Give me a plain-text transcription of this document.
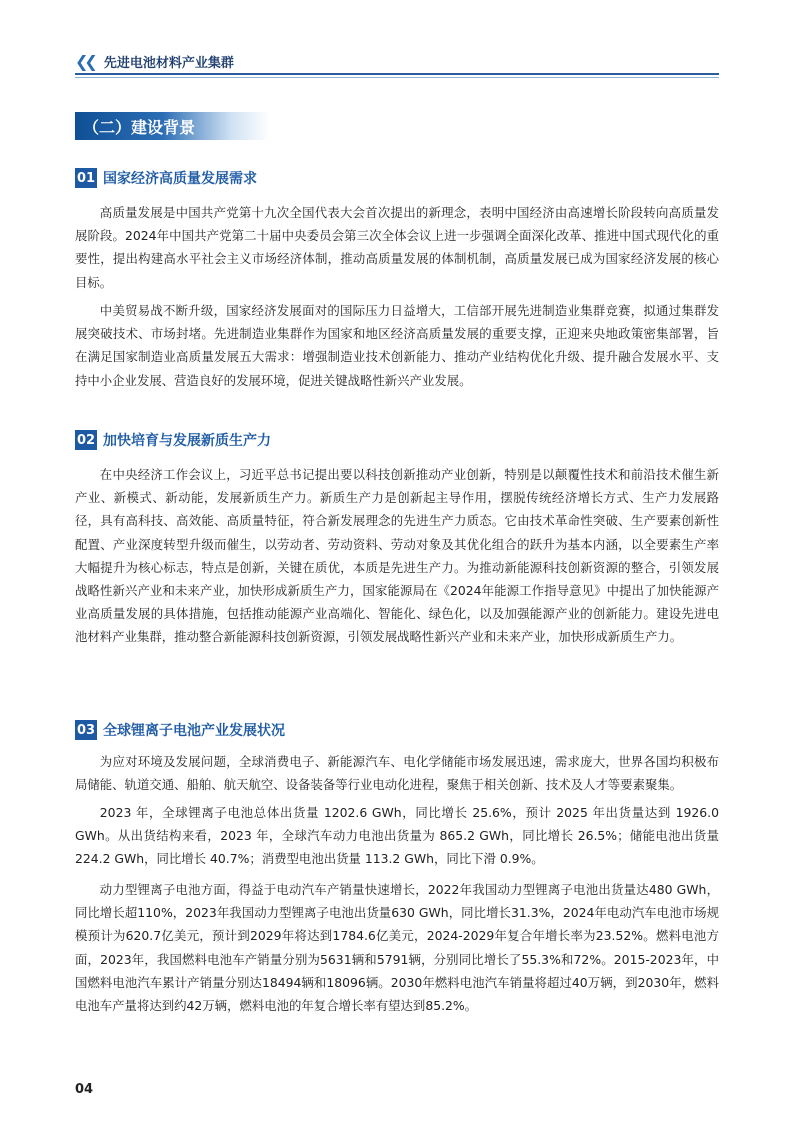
❮❮ 先进电池材料产业集群
（二）建设背景
01 国家经济高质量发展需求

高质量发展是中国共产党第十九次全国代表大会首次提出的新理念，表明中国经济由高速增长阶段转向高质量发展阶段。2024年中国共产党第二十届中央委员会第三次全体会议上进一步强调全面深化改革、推进中国式现代化的重要性，提出构建高水平社会主义市场经济体制，推动高质量发展的体制机制，高质量发展已成为国家经济发展的核心目标。

中美贸易战不断升级，国家经济发展面对的国际压力日益增大，工信部开展先进制造业集群竞赛，拟通过集群发展突破技术、市场封堵。先进制造业集群作为国家和地区经济高质量发展的重要支撑，正迎来央地政策密集部署，旨在满足国家制造业高质量发展五大需求：增强制造业技术创新能力、推动产业结构优化升级、提升融合发展水平、支持中小企业发展、营造良好的发展环境，促进关键战略性新兴产业发展。

02 加快培育与发展新质生产力

在中央经济工作会议上，习近平总书记提出要以科技创新推动产业创新，特别是以颠覆性技术和前沿技术催生新产业、新模式、新动能，发展新质生产力。新质生产力是创新起主导作用，摆脱传统经济增长方式、生产力发展路径，具有高科技、高效能、高质量特征，符合新发展理念的先进生产力质态。它由技术革命性突破、生产要素创新性配置、产业深度转型升级而催生，以劳动者、劳动资料、劳动对象及其优化组合的跃升为基本内涵，以全要素生产率大幅提升为核心标志，特点是创新，关键在质优，本质是先进生产力。为推动新能源科技创新资源的整合，引领发展战略性新兴产业和未来产业，加快形成新质生产力，国家能源局在《2024年能源工作指导意见》中提出了加快能源产业高质量发展的具体措施，包括推动能源产业高端化、智能化、绿色化，以及加强能源产业的创新能力。建设先进电池材料产业集群，推动整合新能源科技创新资源，引领发展战略性新兴产业和未来产业，加快形成新质生产力。

03 全球锂离子电池产业发展状况

为应对环境及发展问题，全球消费电子、新能源汽车、电化学储能市场发展迅速，需求庞大，世界各国均积极布局储能、轨道交通、船舶、航天航空、设备装备等行业电动化进程，聚焦于相关创新、技术及人才等要素聚集。

2023 年，全球锂离子电池总体出货量 1202.6 GWh，同比增长 25.6%，预计 2025 年出货量达到 1926.0 GWh。从出货结构来看，2023 年，全球汽车动力电池出货量为 865.2 GWh，同比增长 26.5%；储能电池出货量 224.2 GWh，同比增长 40.7%；消费型电池出货量 113.2 GWh，同比下滑 0.9%。

动力型锂离子电池方面，得益于电动汽车产销量快速增长，2022年我国动力型锂离子电池出货量达480 GWh，同比增长超110%，2023年我国动力型锂离子电池出货量630 GWh，同比增长31.3%，2024年电动汽车电池市场规模预计为620.7亿美元，预计到2029年将达到1784.6亿美元，2024-2029年复合年增长率为23.52%。燃料电池方面，2023年，我国燃料电池车产销量分别为5631辆和5791辆，分别同比增长了55.3%和72%。2015-2023年，中国燃料电池汽车累计产销量分别达18494辆和18096辆。2030年燃料电池汽车销量将超过40万辆，到2030年，燃料电池车产量将达到约42万辆，燃料电池的年复合增长率有望达到85.2%。

04
